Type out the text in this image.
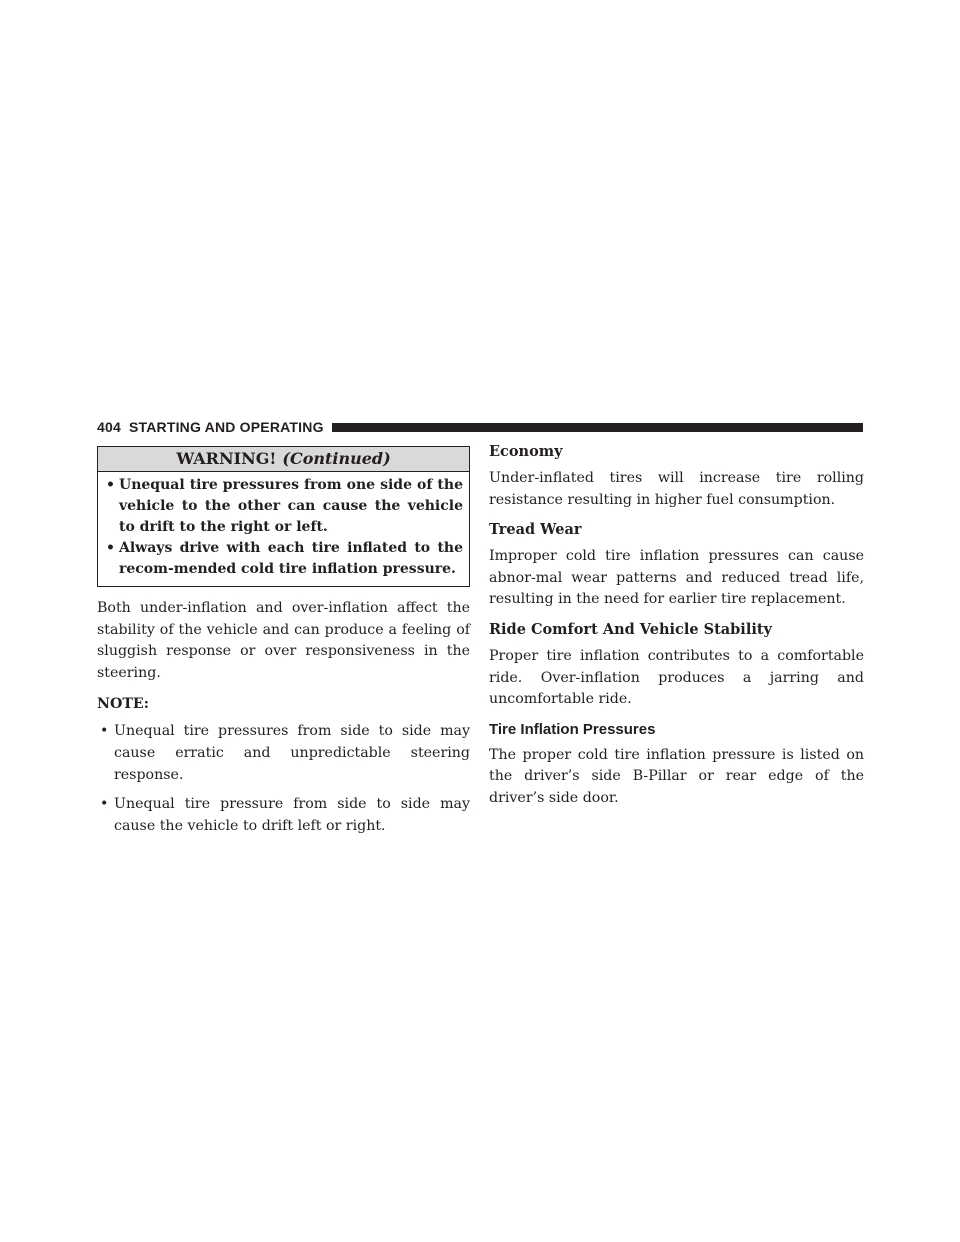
404 STARTING AND OPERATING
WARNING! (Continued)
• Unequal tire pressures from one side of the vehicle to the other can cause the vehicle to drift to the right or left.
• Always drive with each tire inflated to the recom-mended cold tire inflation pressure.

Both under-inflation and over-inflation affect the stability of the vehicle and can produce a feeling of sluggish response or over responsiveness in the steering.

NOTE:
• Unequal tire pressures from side to side may cause erratic and unpredictable steering response.
• Unequal tire pressure from side to side may cause the vehicle to drift left or right.
Economy

Under-inflated tires will increase tire rolling resistance resulting in higher fuel consumption.

Tread Wear

Improper cold tire inflation pressures can cause abnor-mal wear patterns and reduced tread life, resulting in the need for earlier tire replacement.

Ride Comfort And Vehicle Stability

Proper tire inflation contributes to a comfortable ride. Over-inflation produces a jarring and uncomfortable ride.

Tire Inflation Pressures

The proper cold tire inflation pressure is listed on the driver’s side B-Pillar or rear edge of the driver’s side door.
